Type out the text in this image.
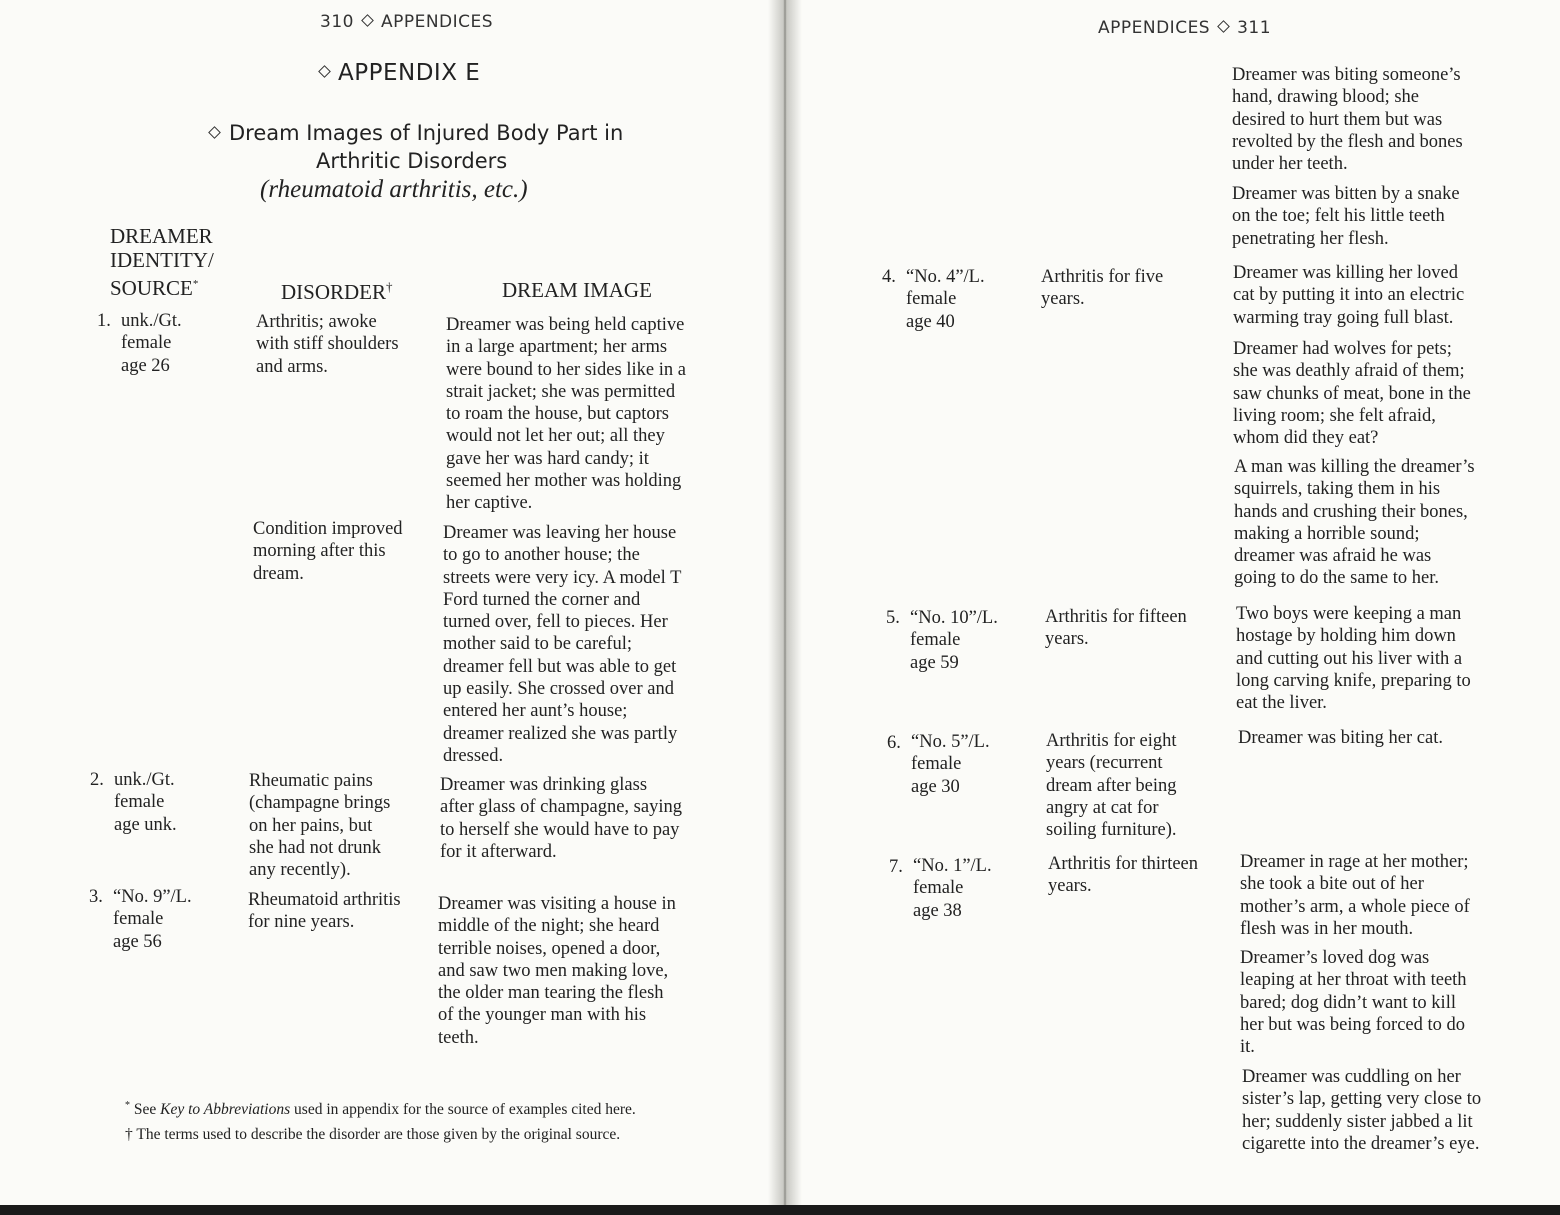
310 APPENDICES
APPENDIX E
Dream Images of Injured Body Part in
Arthritic Disorders
(rheumatoid arthritis, etc.)
DREAMER
IDENTITY/
SOURCE*	DISORDER†	DREAM IMAGE
1. unk./Gt.
female
age 26
Arthritis; awoke
with stiff shoulders
and arms.
Dreamer was being held captive
in a large apartment; her arms
were bound to her sides like in a
strait jacket; she was permitted
to roam the house, but captors
would not let her out; all they
gave her was hard candy; it
seemed her mother was holding
her captive.
Condition improved
morning after this
dream.
Dreamer was leaving her house
to go to another house; the
streets were very icy. A model T
Ford turned the corner and
turned over, fell to pieces. Her
mother said to be careful;
dreamer fell but was able to get
up easily. She crossed over and
entered her aunt’s house;
dreamer realized she was partly
dressed.
2. unk./Gt.
female
age unk.
Rheumatic pains
(champagne brings
on her pains, but
she had not drunk
any recently).
Dreamer was drinking glass
after glass of champagne, saying
to herself she would have to pay
for it afterward.
3. “No. 9”/L.
female
age 56
Rheumatoid arthritis
for nine years.
Dreamer was visiting a house in
middle of the night; she heard
terrible noises, opened a door,
and saw two men making love,
the older man tearing the flesh
of the younger man with his
teeth.
* See Key to Abbreviations used in appendix for the source of examples cited here.
† The terms used to describe the disorder are those given by the original source.
APPENDICES 311
Dreamer was biting someone’s
hand, drawing blood; she
desired to hurt them but was
revolted by the flesh and bones
under her teeth.
Dreamer was bitten by a snake
on the toe; felt his little teeth
penetrating her flesh.
4. “No. 4”/L.
female
age 40
Arthritis for five
years.
Dreamer was killing her loved
cat by putting it into an electric
warming tray going full blast.
Dreamer had wolves for pets;
she was deathly afraid of them;
saw chunks of meat, bone in the
living room; she felt afraid,
whom did they eat?
A man was killing the dreamer’s
squirrels, taking them in his
hands and crushing their bones,
making a horrible sound;
dreamer was afraid he was
going to do the same to her.
5. “No. 10”/L.
female
age 59
Arthritis for fifteen
years.
Two boys were keeping a man
hostage by holding him down
and cutting out his liver with a
long carving knife, preparing to
eat the liver.
6. “No. 5”/L.
female
age 30
Arthritis for eight
years (recurrent
dream after being
angry at cat for
soiling furniture).
Dreamer was biting her cat.
7. “No. 1”/L.
female
age 38
Arthritis for thirteen
years.
Dreamer in rage at her mother;
she took a bite out of her
mother’s arm, a whole piece of
flesh was in her mouth.
Dreamer’s loved dog was
leaping at her throat with teeth
bared; dog didn’t want to kill
her but was being forced to do
it.
Dreamer was cuddling on her
sister’s lap, getting very close to
her; suddenly sister jabbed a lit
cigarette into the dreamer’s eye.
